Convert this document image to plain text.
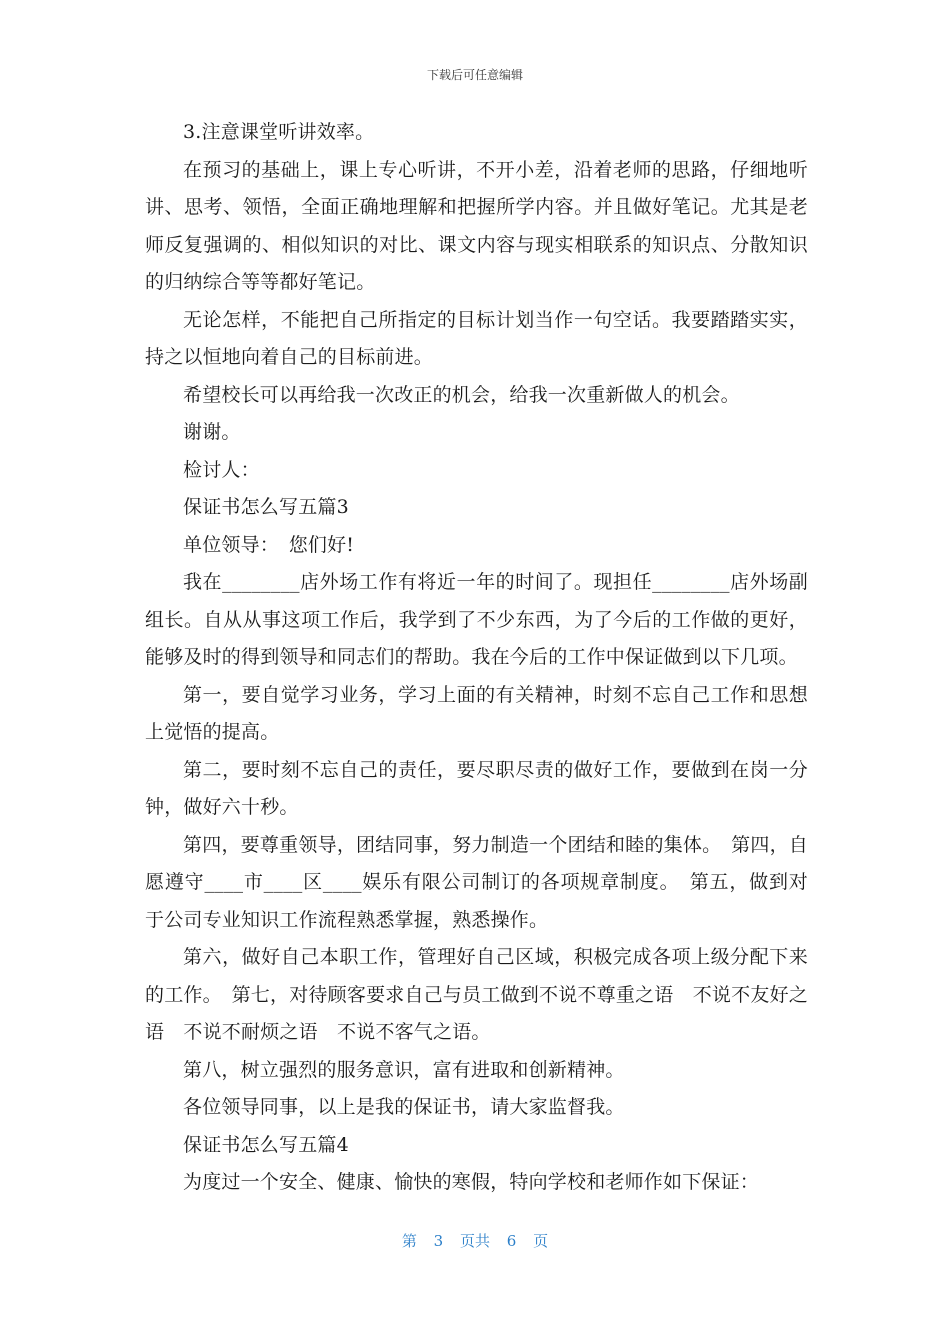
下载后可任意编辑

3.注意课堂听讲效率。

在预习的基础上，课上专心听讲，不开小差，沿着老师的思路，仔细地听讲、思考、领悟，全面正确地理解和把握所学内容。并且做好笔记。尤其是老师反复强调的、相似知识的对比、课文内容与现实相联系的知识点、分散知识的归纳综合等等都好笔记。

无论怎样，不能把自己所指定的目标计划当作一句空话。我要踏踏实实，持之以恒地向着自己的目标前进。

希望校长可以再给我一次改正的机会，给我一次重新做人的机会。

谢谢。

检讨人：

保证书怎么写五篇3

单位领导：　您们好!

我在________店外场工作有将近一年的时间了。现担任________店外场副组长。自从从事这项工作后，我学到了不少东西，为了今后的工作做的更好，能够及时的得到领导和同志们的帮助。我在今后的工作中保证做到以下几项。

第一，要自觉学习业务，学习上面的有关精神，时刻不忘自己工作和思想上觉悟的提高。

第二，要时刻不忘自己的责任，要尽职尽责的做好工作，要做到在岗一分钟，做好六十秒。

第四，要尊重领导，团结同事，努力制造一个团结和睦的集体。　第四，自愿遵守____市____区____娱乐有限公司制订的各项规章制度。　第五，做到对于公司专业知识工作流程熟悉掌握，熟悉操作。

第六，做好自己本职工作，管理好自己区域，积极完成各项上级分配下来的工作。　第七，对待顾客要求自己与员工做到不说不尊重之语　不说不友好之语　不说不耐烦之语　不说不客气之语。

第八，树立强烈的服务意识，富有进取和创新精神。

各位领导同事，以上是我的保证书，请大家监督我。

保证书怎么写五篇4

为度过一个安全、健康、愉快的寒假，特向学校和老师作如下保证：

第 3 页共 6 页
